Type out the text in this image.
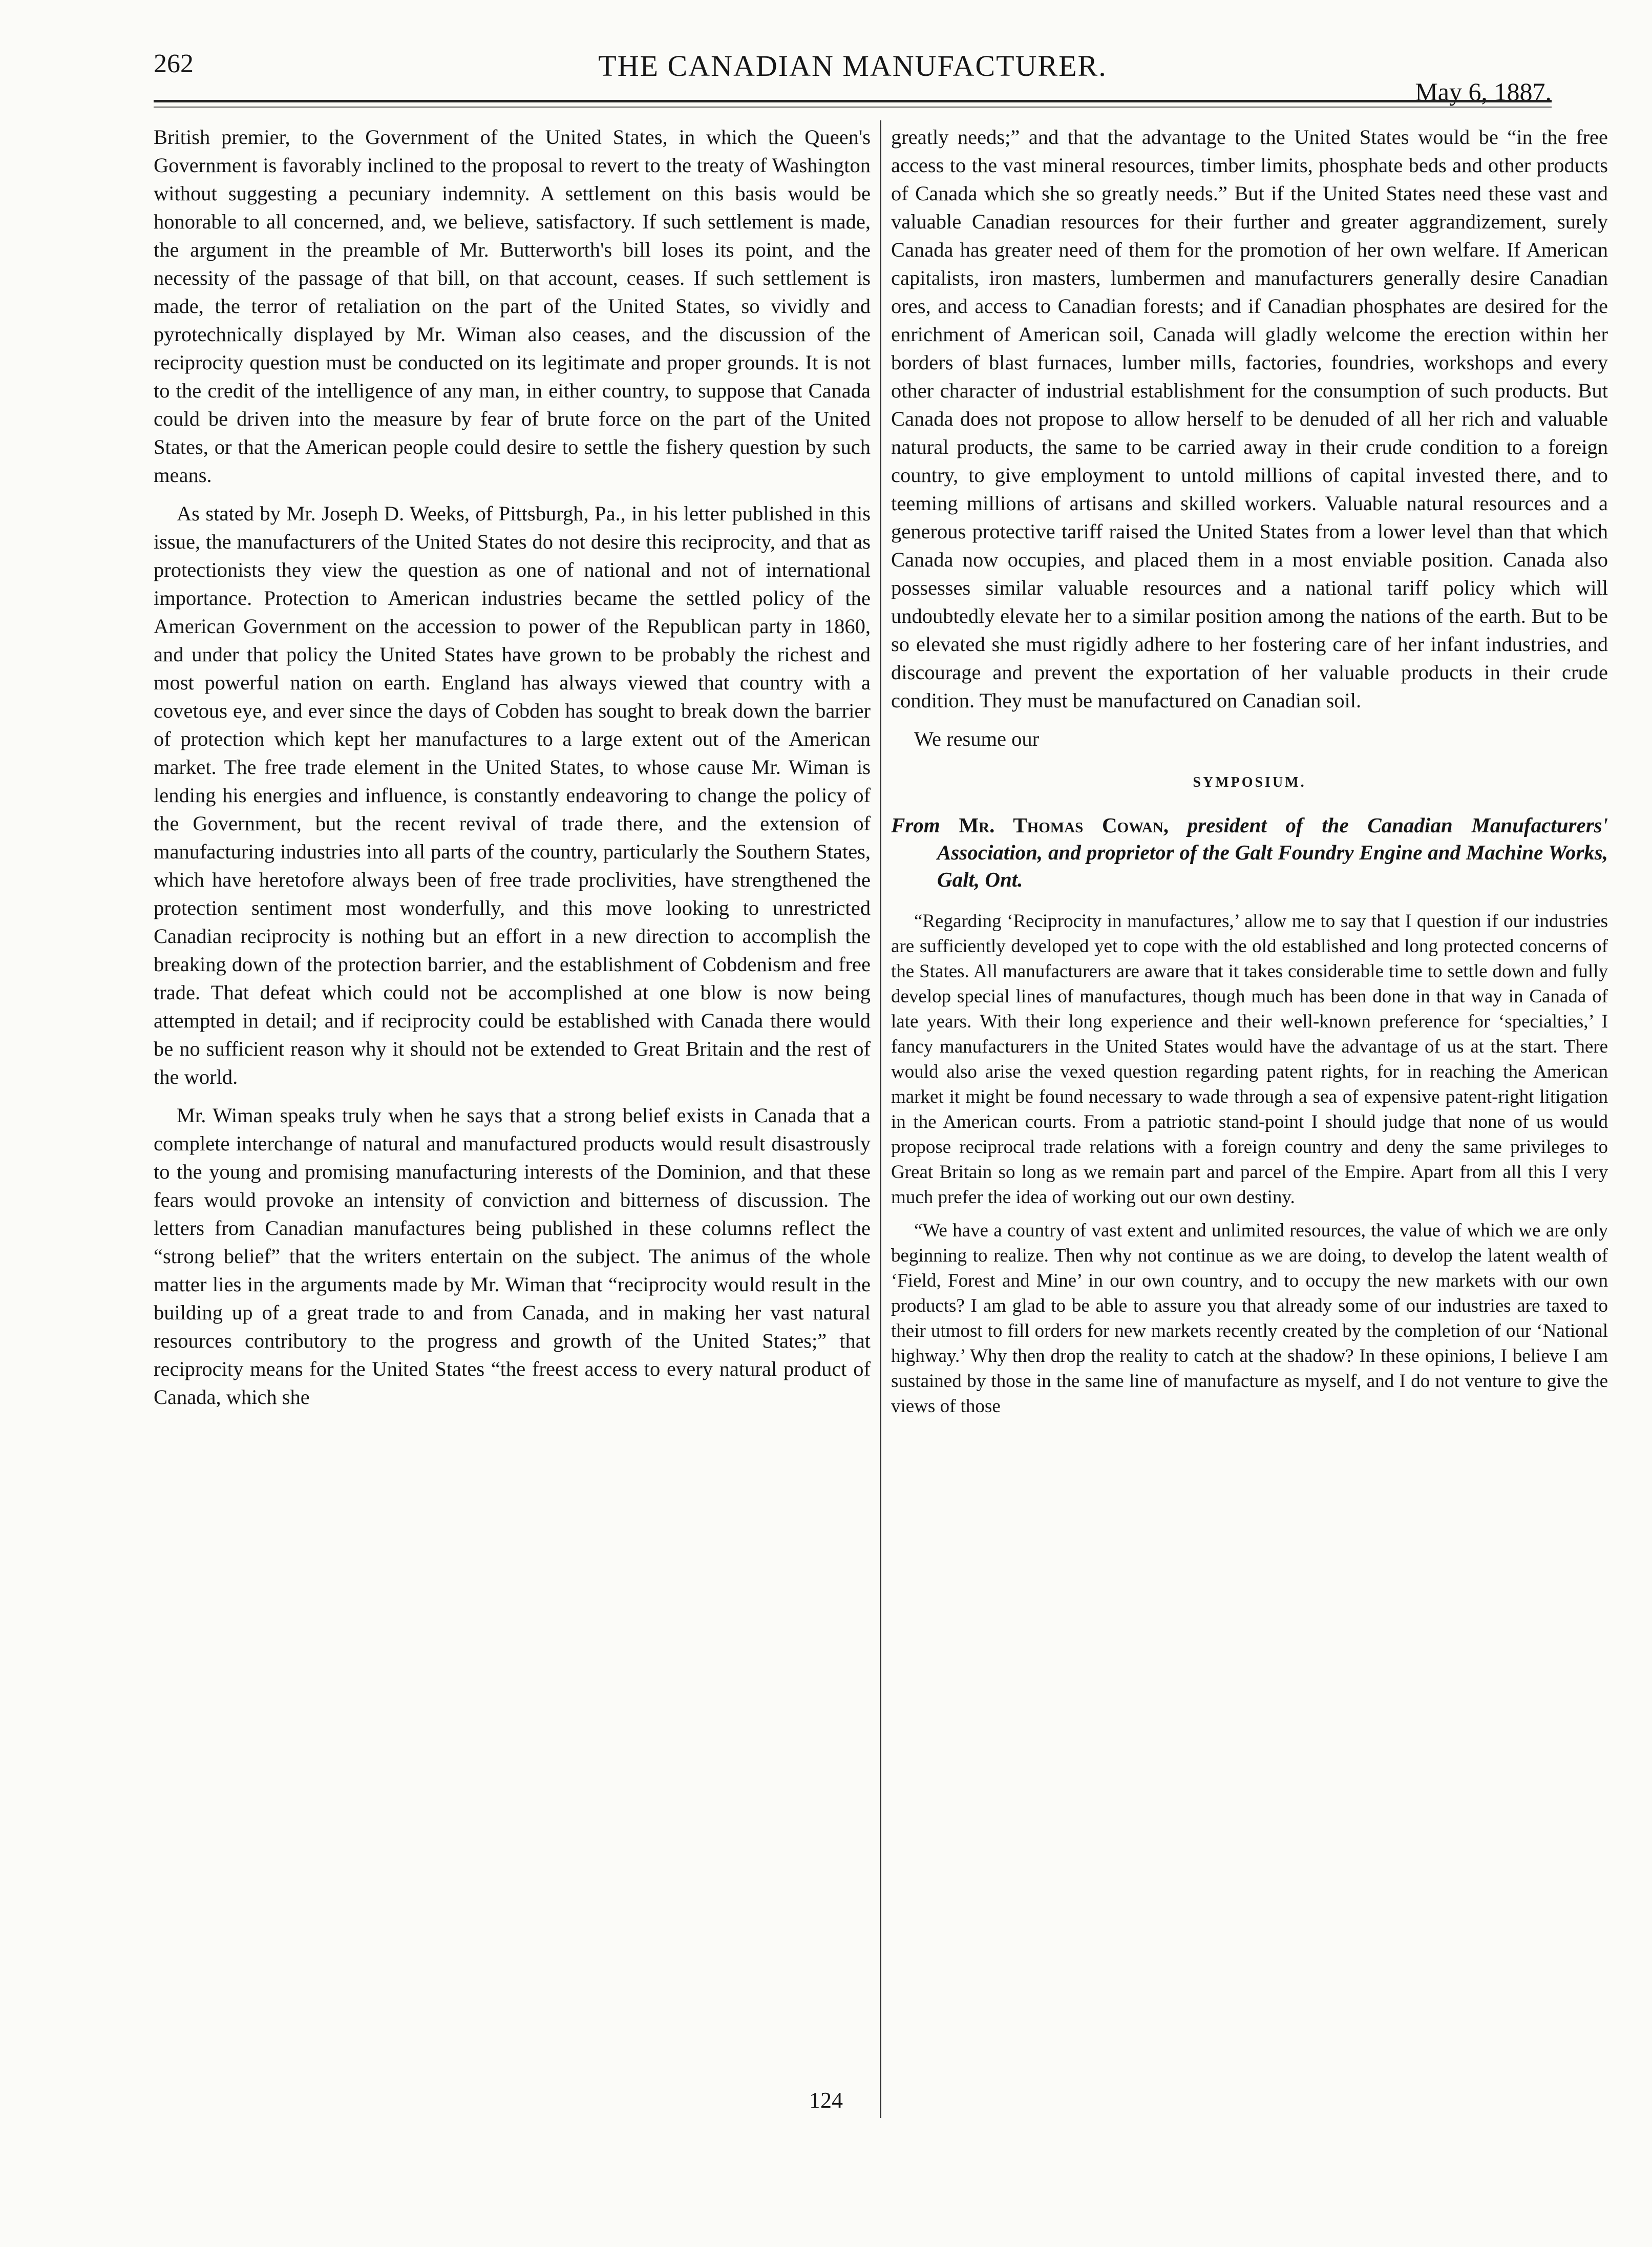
262	THE CANADIAN MANUFACTURER.
May 6, 1887.

British premier, to the Government of the United States, in which the Queen's Government is favorably inclined to the proposal to revert to the treaty of Washington without suggesting a pecuniary indemnity. A settlement on this basis would be honorable to all concerned, and, we believe, satisfactory. If such settlement is made, the argument in the preamble of Mr. Butterworth's bill loses its point, and the necessity of the passage of that bill, on that account, ceases. If such settlement is made, the terror of retaliation on the part of the United States, so vividly and pyrotechnically displayed by Mr. Wiman also ceases, and the discussion of the reciprocity question must be conducted on its legitimate and proper grounds. It is not to the credit of the intelligence of any man, in either country, to suppose that Canada could be driven into the measure by fear of brute force on the part of the United States, or that the American people could desire to settle the fishery question by such means.

As stated by Mr. Joseph D. Weeks, of Pittsburgh, Pa., in his letter published in this issue, the manufacturers of the United States do not desire this reciprocity, and that as protectionists they view the question as one of national and not of international importance. Protection to American industries became the settled policy of the American Government on the accession to power of the Republican party in 1860, and under that policy the United States have grown to be probably the richest and most powerful nation on earth. England has always viewed that country with a covetous eye, and ever since the days of Cobden has sought to break down the barrier of protection which kept her manufactures to a large extent out of the American market. The free trade element in the United States, to whose cause Mr. Wiman is lending his energies and influence, is constantly endeavoring to change the policy of the Government, but the recent revival of trade there, and the extension of manufacturing industries into all parts of the country, particularly the Southern States, which have heretofore always been of free trade proclivities, have strengthened the protection sentiment most wonderfully, and this move looking to unrestricted Canadian reciprocity is nothing but an effort in a new direction to accomplish the breaking down of the protection barrier, and the establishment of Cobdenism and free trade. That defeat which could not be accomplished at one blow is now being attempted in detail; and if reciprocity could be established with Canada there would be no sufficient reason why it should not be extended to Great Britain and the rest of the world.

Mr. Wiman speaks truly when he says that a strong belief exists in Canada that a complete interchange of natural and manufactured products would result disastrously to the young and promising manufacturing interests of the Dominion, and that these fears would provoke an intensity of conviction and bitterness of discussion. The letters from Canadian manufactures being published in these columns reflect the “strong belief” that the writers entertain on the subject. The animus of the whole matter lies in the arguments made by Mr. Wiman that “reciprocity would result in the building up of a great trade to and from Canada, and in making her vast natural resources contributory to the progress and growth of the United States;” that reciprocity means for the United States “the freest access to every natural product of Canada, which she

greatly needs;” and that the advantage to the United States would be “in the free access to the vast mineral resources, timber limits, phosphate beds and other products of Canada which she so greatly needs.” But if the United States need these vast and valuable Canadian resources for their further and greater aggrandizement, surely Canada has greater need of them for the promotion of her own welfare. If American capitalists, iron masters, lumbermen and manufacturers generally desire Canadian ores, and access to Canadian forests; and if Canadian phosphates are desired for the enrichment of American soil, Canada will gladly welcome the erection within her borders of blast furnaces, lumber mills, factories, foundries, workshops and every other character of industrial establishment for the consumption of such products. But Canada does not propose to allow herself to be denuded of all her rich and valuable natural products, the same to be carried away in their crude condition to a foreign country, to give employment to untold millions of capital invested there, and to teeming millions of artisans and skilled workers. Valuable natural resources and a generous protective tariff raised the United States from a lower level than that which Canada now occupies, and placed them in a most enviable position. Canada also possesses similar valuable resources and a national tariff policy which will undoubtedly elevate her to a similar position among the nations of the earth. But to be so elevated she must rigidly adhere to her fostering care of her infant industries, and discourage and prevent the exportation of her valuable products in their crude condition. They must be manufactured on Canadian soil.

We resume our

SYMPOSIUM.
From Mr. Thomas Cowan, president of the Canadian Manufacturers' Association, and proprietor of the Galt Foundry Engine and Machine Works, Galt, Ont.

“Regarding ‘Reciprocity in manufactures,’ allow me to say that I question if our industries are sufficiently developed yet to cope with the old established and long protected concerns of the States. All manufacturers are aware that it takes considerable time to settle down and fully develop special lines of manufactures, though much has been done in that way in Canada of late years. With their long experience and their well-known preference for ‘specialties,’ I fancy manufacturers in the United States would have the advantage of us at the start. There would also arise the vexed question regarding patent rights, for in reaching the American market it might be found necessary to wade through a sea of expensive patent-right litigation in the American courts. From a patriotic stand-point I should judge that none of us would propose reciprocal trade relations with a foreign country and deny the same privileges to Great Britain so long as we remain part and parcel of the Empire. Apart from all this I very much prefer the idea of working out our own destiny.

“We have a country of vast extent and unlimited resources, the value of which we are only beginning to realize. Then why not continue as we are doing, to develop the latent wealth of ‘Field, Forest and Mine’ in our own country, and to occupy the new markets with our own products? I am glad to be able to assure you that already some of our industries are taxed to their utmost to fill orders for new markets recently created by the completion of our ‘National highway.’ Why then drop the reality to catch at the shadow? In these opinions, I believe I am sustained by those in the same line of manufacture as myself, and I do not venture to give the views of those

124
